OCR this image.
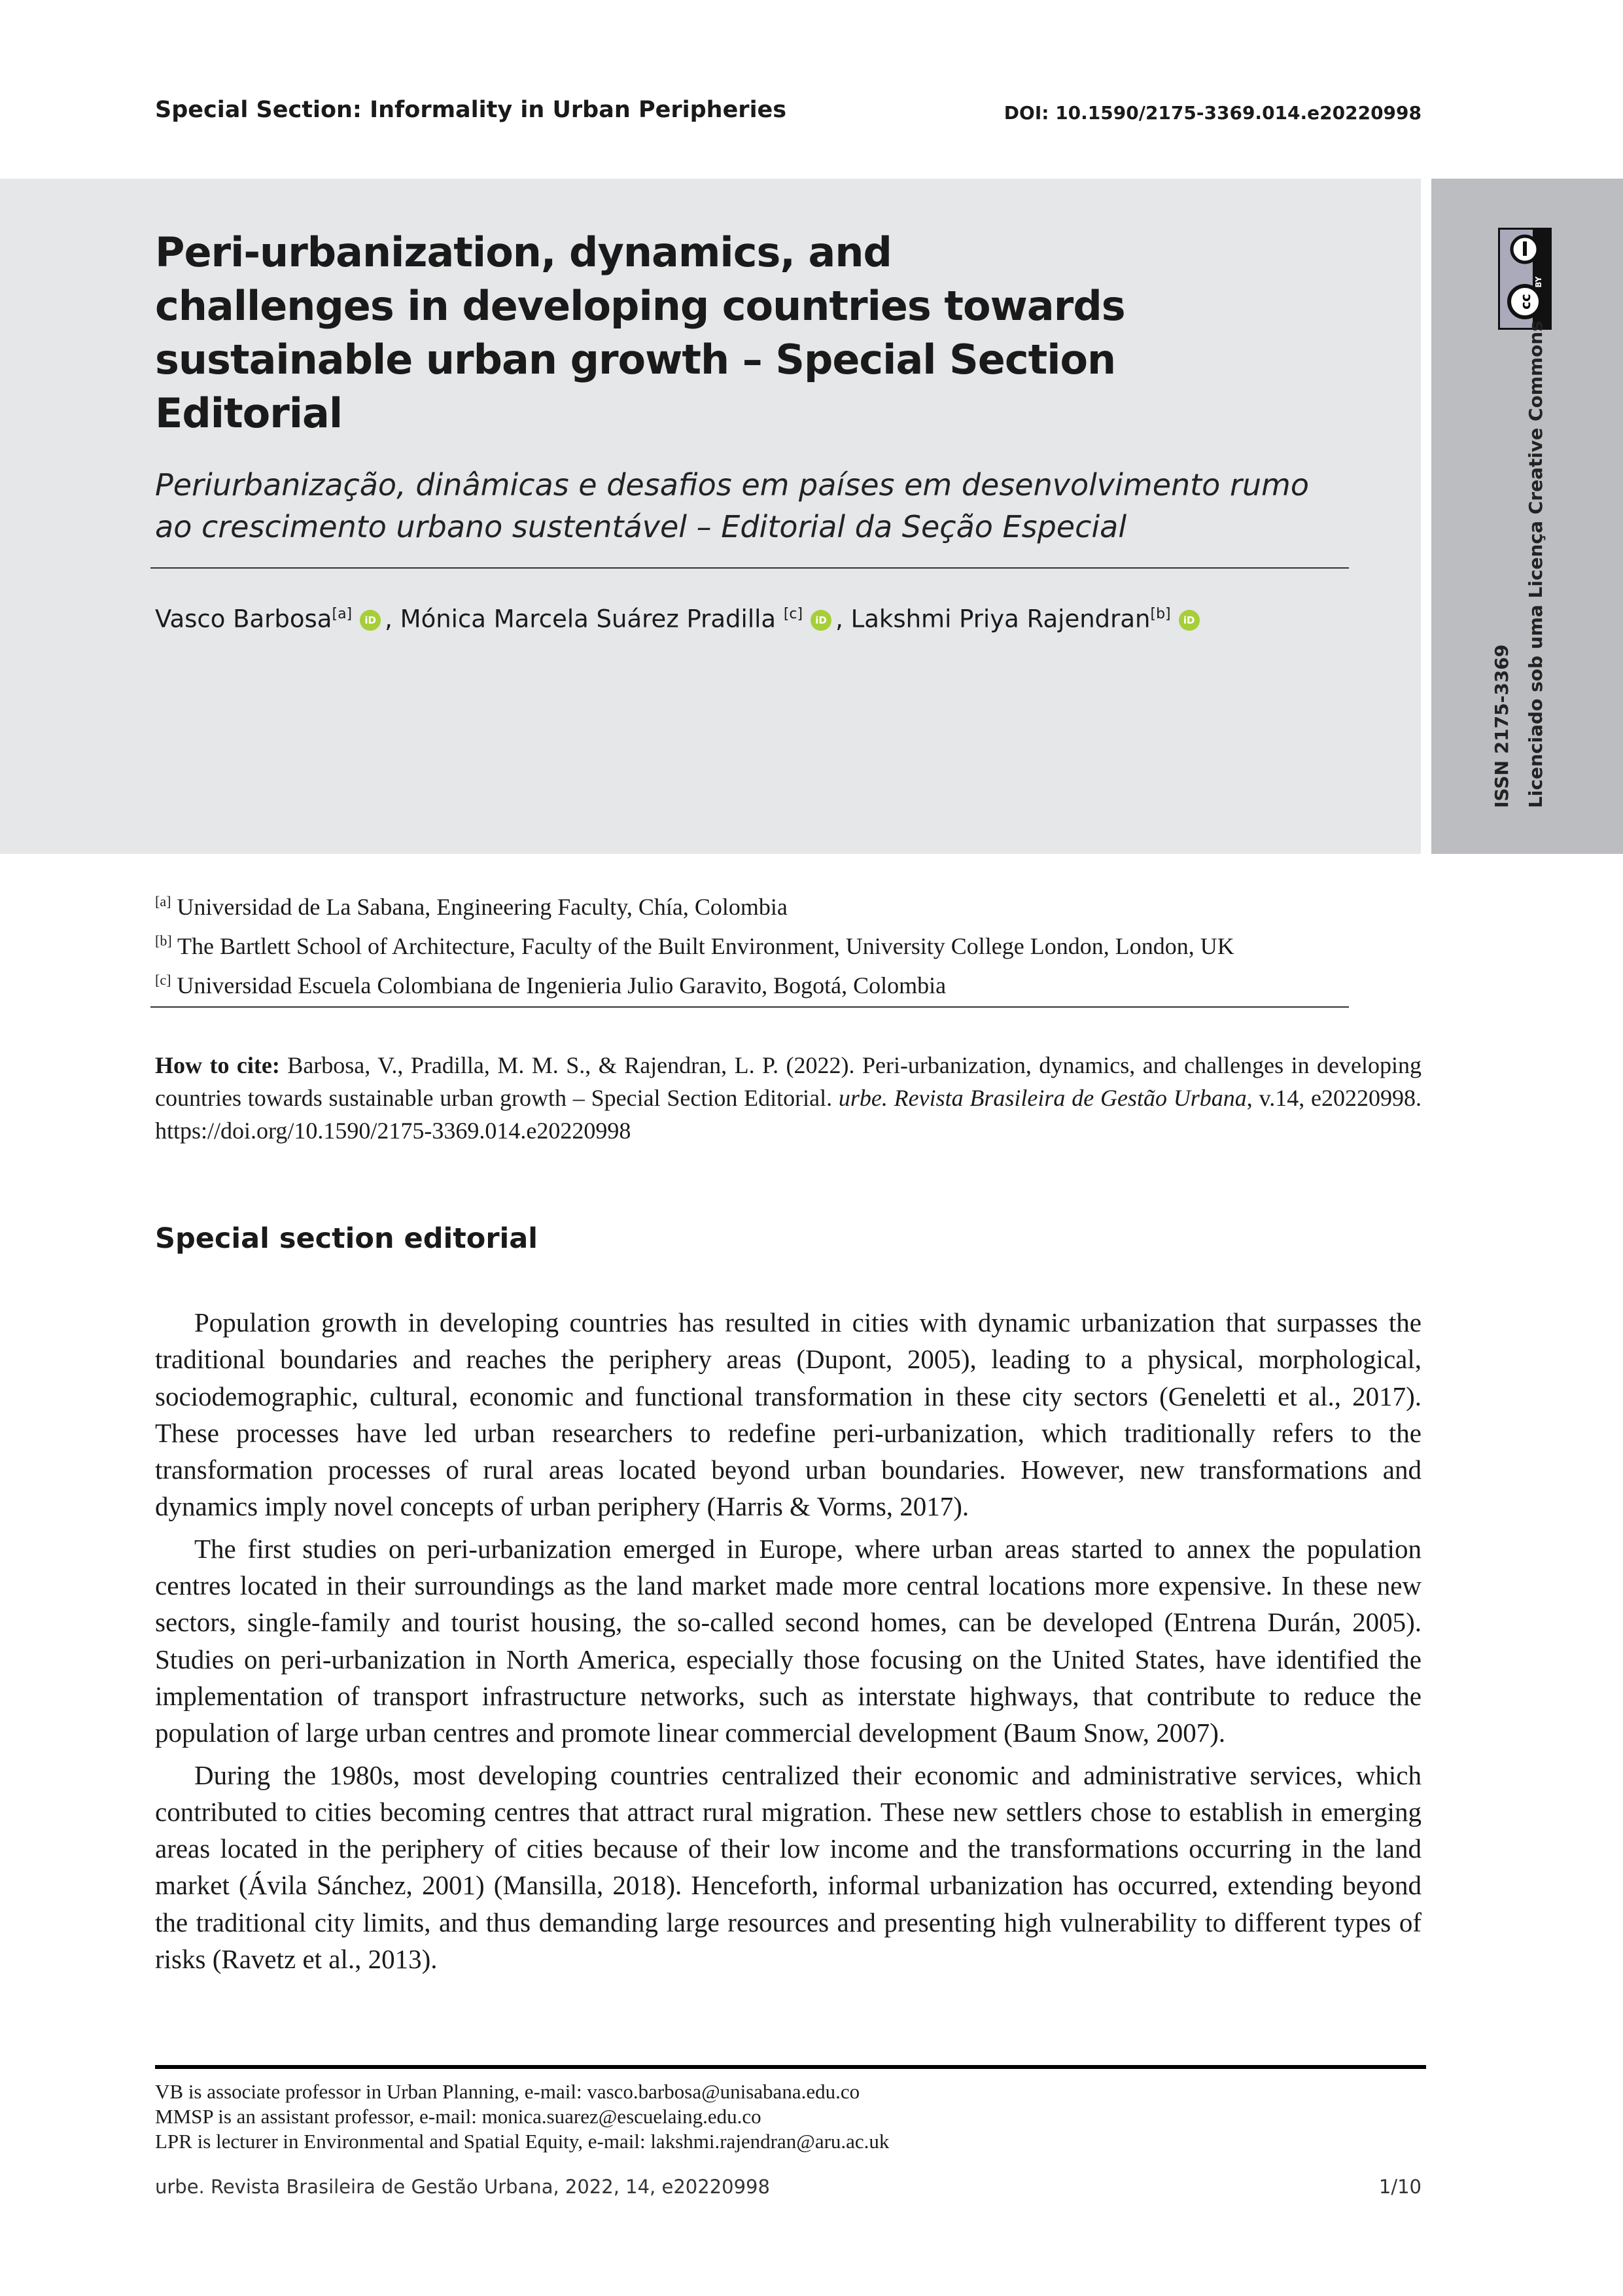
Special Section: Informality in Urban Peripheries	DOI: 10.1590/2175-3369.014.e20220998
cc
BY
ISSN 2175-3369 Licenciado sob uma Licença Creative Commons
Peri-urbanization, dynamics, and challenges in developing countries towards sustainable urban growth – Special Section Editorial
Periurbanização, dinâmicas e desafios em países em desenvolvimento rumo ao crescimento urbano sustentável – Editorial da Seção Especial
Vasco Barbosa[a] iD , Mónica Marcela Suárez Pradilla [c] iD , Lakshmi Priya Rajendran[b] iD
[a] Universidad de La Sabana, Engineering Faculty, Chía, Colombia
[b] The Bartlett School of Architecture, Faculty of the Built Environment, University College London, London, UK
[c] Universidad Escuela Colombiana de Ingenieria Julio Garavito, Bogotá, Colombia
How to cite: Barbosa, V., Pradilla, M. M. S., & Rajendran, L. P. (2022). Peri-urbanization, dynamics, and challenges in developing countries towards sustainable urban growth – Special Section Editorial. urbe. Revista Brasileira de Gestão Urbana, v.14, e20220998. https://doi.org/10.1590/2175-3369.014.e20220998
Special section editorial

Population growth in developing countries has resulted in cities with dynamic urbanization that surpasses the traditional boundaries and reaches the periphery areas (Dupont, 2005), leading to a physical, morphological, sociodemographic, cultural, economic and functional transformation in these city sectors (Geneletti et al., 2017). These processes have led urban researchers to redefine peri-urbanization, which traditionally refers to the transformation processes of rural areas located beyond urban boundaries. However, new transformations and dynamics imply novel concepts of urban periphery (Harris & Vorms, 2017).

The first studies on peri-urbanization emerged in Europe, where urban areas started to annex the population centres located in their surroundings as the land market made more central locations more expensive. In these new sectors, single-family and tourist housing, the so-called second homes, can be developed (Entrena Durán, 2005). Studies on peri-urbanization in North America, especially those focusing on the United States, have identified the implementation of transport infrastructure networks, such as interstate highways, that contribute to reduce the population of large urban centres and promote linear commercial development (Baum Snow, 2007).

During the 1980s, most developing countries centralized their economic and administrative services, which contributed to cities becoming centres that attract rural migration. These new settlers chose to establish in emerging areas located in the periphery of cities because of their low income and the transformations occurring in the land market (Ávila Sánchez, 2001) (Mansilla, 2018). Henceforth, informal urbanization has occurred, extending beyond the traditional city limits, and thus demanding large resources and presenting high vulnerability to different types of risks (Ravetz et al., 2013).

VB is associate professor in Urban Planning, e-mail: vasco.barbosa@unisabana.edu.co
MMSP is an assistant professor, e-mail: monica.suarez@escuelaing.edu.co
LPR is lecturer in Environmental and Spatial Equity, e-mail: lakshmi.rajendran@aru.ac.uk
urbe. Revista Brasileira de Gestão Urbana, 2022, 14, e20220998	1/10
